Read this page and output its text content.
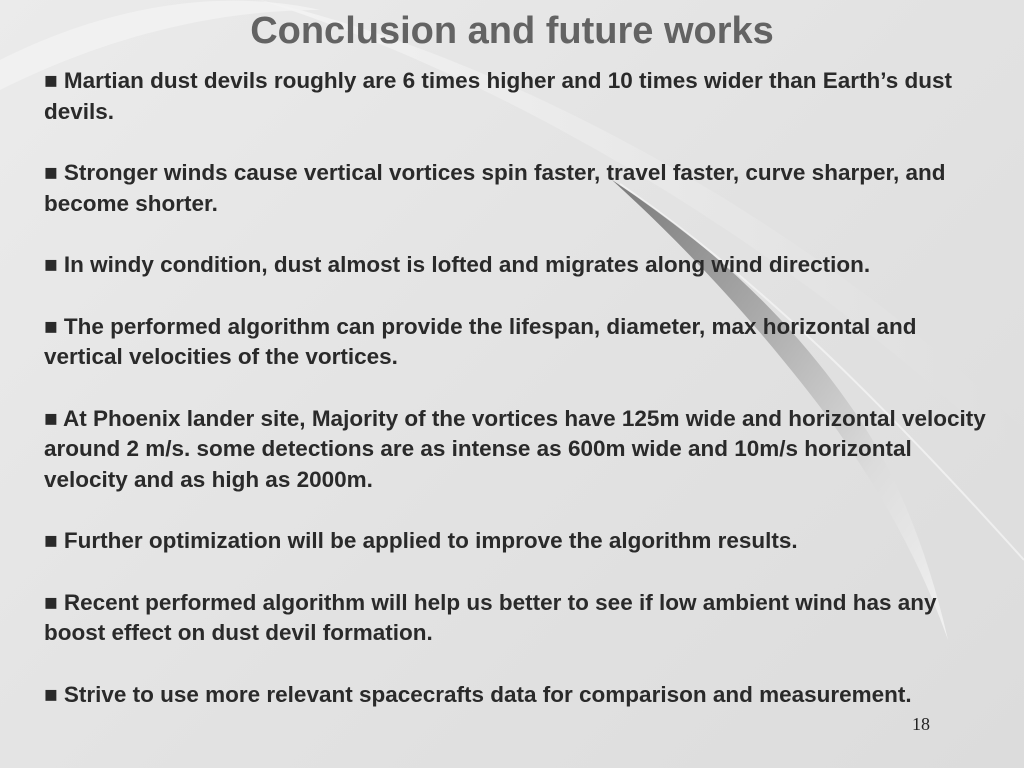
Conclusion and future works
■ Martian dust devils roughly are 6 times higher and 10 times wider than Earth’s dust devils.
■ Stronger winds cause vertical vortices spin faster, travel faster, curve sharper, and become shorter.
■ In windy condition, dust almost is lofted and migrates along wind direction.
■ The performed algorithm can provide the lifespan, diameter, max horizontal and vertical velocities of the vortices.
■ At Phoenix lander site, Majority of the vortices have 125m wide and horizontal velocity around 2 m/s. some detections are as intense as 600m wide and 10m/s horizontal velocity and as high as 2000m.
■ Further optimization will be applied to improve the algorithm results.
■ Recent performed algorithm will help us better to see if low ambient wind has any boost effect on dust devil formation.
■ Strive to use more relevant spacecrafts data for comparison and measurement.
18
